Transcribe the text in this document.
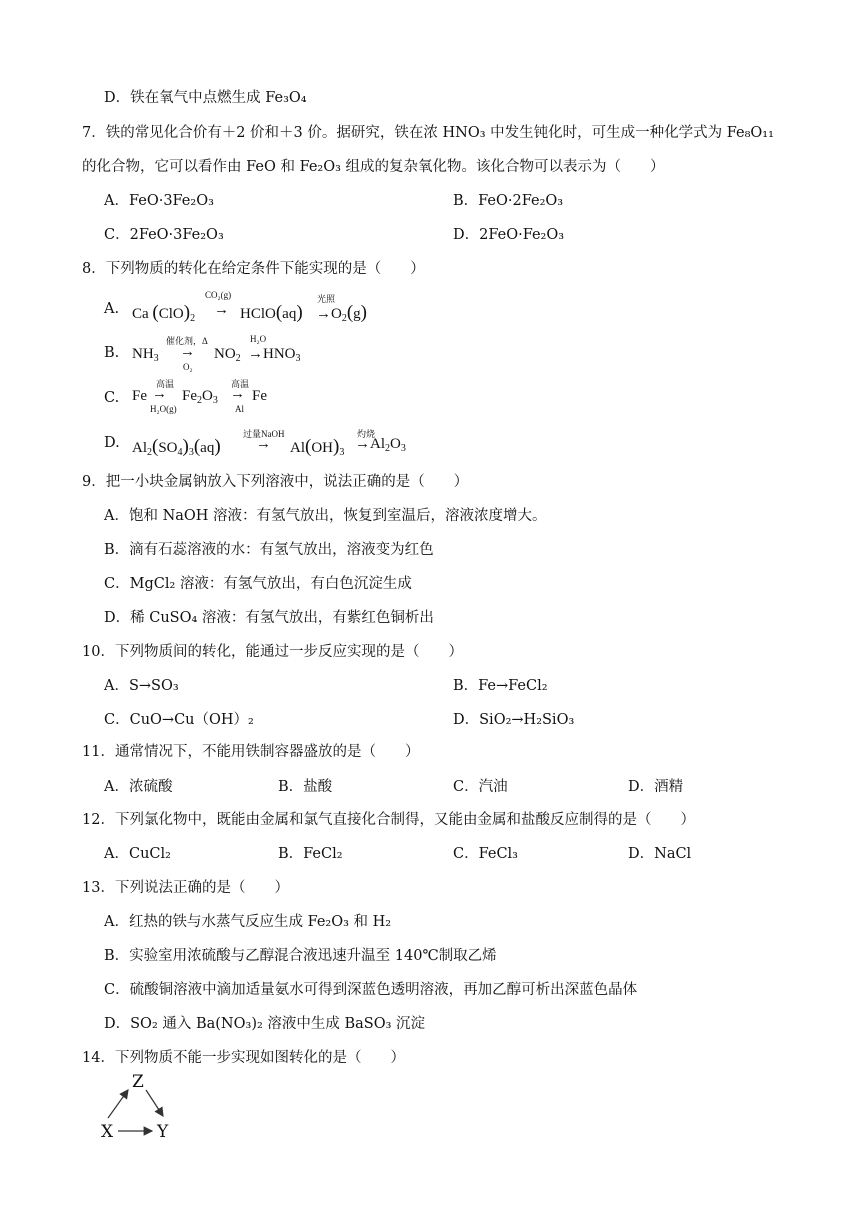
D．铁在氧气中点燃生成 Fe₃O₄
7．铁的常见化合价有＋2 价和＋3 价。据研究，铁在浓 HNO₃ 中发生钝化时，可生成一种化学式为 Fe₈O₁₁
的化合物，它可以看作由 FeO 和 Fe₂O₃ 组成的复杂氧化物。该化合物可以表示为（　　）
A．FeO·3Fe₂O₃	B．FeO·2Fe₂O₃
C．2FeO·3Fe₂O₃	D．2FeO·Fe₂O₃
8．下列物质的转化在给定条件下能实现的是（　　）
A. Ca $(ClO)_2$
CO₂(g)
→ HClO(aq)
光照
$\to O_2(g)$
B. $NH_3$
催化剂，Δ
→
O₂
$NO_2$
H₂O
$\to HNO_3$
C. Fe
高温
→
H₂O(g)
$Fe_2O_3$
高温
→
Al
Fe
D. $Al_2(SO_4)_3(aq)$
过量NaOH
→ $Al(OH)_3$
灼烧
$\to Al_2O_3$
9．把一小块金属钠放入下列溶液中，说法正确的是（　　）
A．饱和 NaOH 溶液：有氢气放出，恢复到室温后，溶液浓度增大。
B．滴有石蕊溶液的水：有氢气放出，溶液变为红色
C．MgCl₂ 溶液：有氢气放出，有白色沉淀生成
D．稀 CuSO₄ 溶液：有氢气放出，有紫红色铜析出
10．下列物质间的转化，能通过一步反应实现的是（　　）
A．S→SO₃	B．Fe→FeCl₂
C．CuO→Cu（OH）₂	D．SiO₂→H₂SiO₃
11．通常情况下，不能用铁制容器盛放的是（　　）
A．浓硫酸	B．盐酸	C．汽油	D．酒精
12．下列氯化物中，既能由金属和氯气直接化合制得，又能由金属和盐酸反应制得的是（　　）
A．CuCl₂	B．FeCl₂	C．FeCl₃	D．NaCl
13．下列说法正确的是（　　）
A．红热的铁与水蒸气反应生成 Fe₂O₃ 和 H₂
B．实验室用浓硫酸与乙醇混合液迅速升温至 140℃制取乙烯
C．硫酸铜溶液中滴加适量氨水可得到深蓝色透明溶液，再加乙醇可析出深蓝色晶体
D．SO₂ 通入 Ba(NO₃)₂ 溶液中生成 BaSO₃ 沉淀
14．下列物质不能一步实现如图转化的是（　　）
Z
X	Y
